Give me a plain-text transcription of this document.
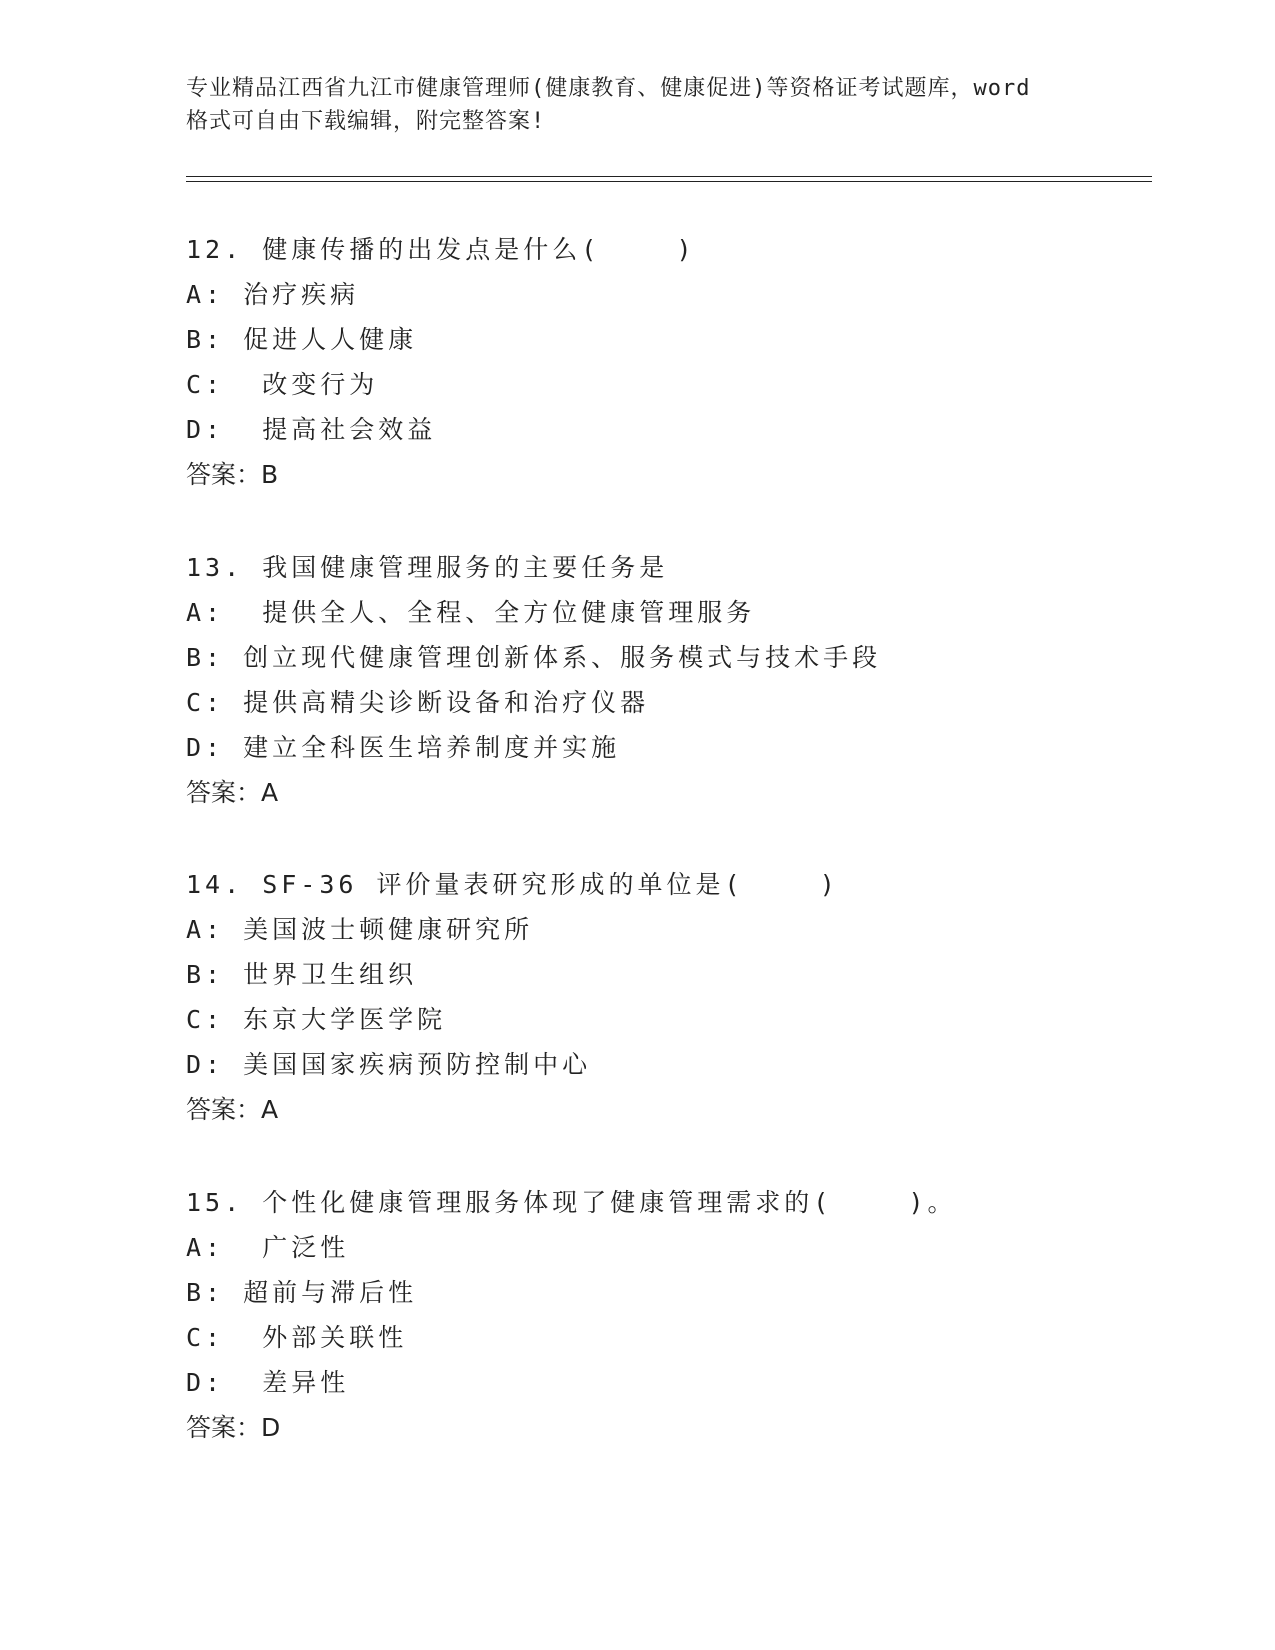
专业精品江西省九江市健康管理师(健康教育、健康促进)等资格证考试题库，word
格式可自由下载编辑，附完整答案!
12. 健康传播的出发点是什么(    )
A: 治疗疾病
B: 促进人人健康
C:  改变行为
D:  提高社会效益
答案：B
13. 我国健康管理服务的主要任务是
A:  提供全人、全程、全方位健康管理服务
B: 创立现代健康管理创新体系、服务模式与技术手段
C: 提供高精尖诊断设备和治疗仪器
D: 建立全科医生培养制度并实施
答案：A
14. SF-36 评价量表研究形成的单位是(    )
A: 美国波士顿健康研究所
B: 世界卫生组织
C: 东京大学医学院
D: 美国国家疾病预防控制中心
答案：A
15. 个性化健康管理服务体现了健康管理需求的(    )。
A:  广泛性
B: 超前与滞后性
C:  外部关联性
D:  差异性
答案：D
